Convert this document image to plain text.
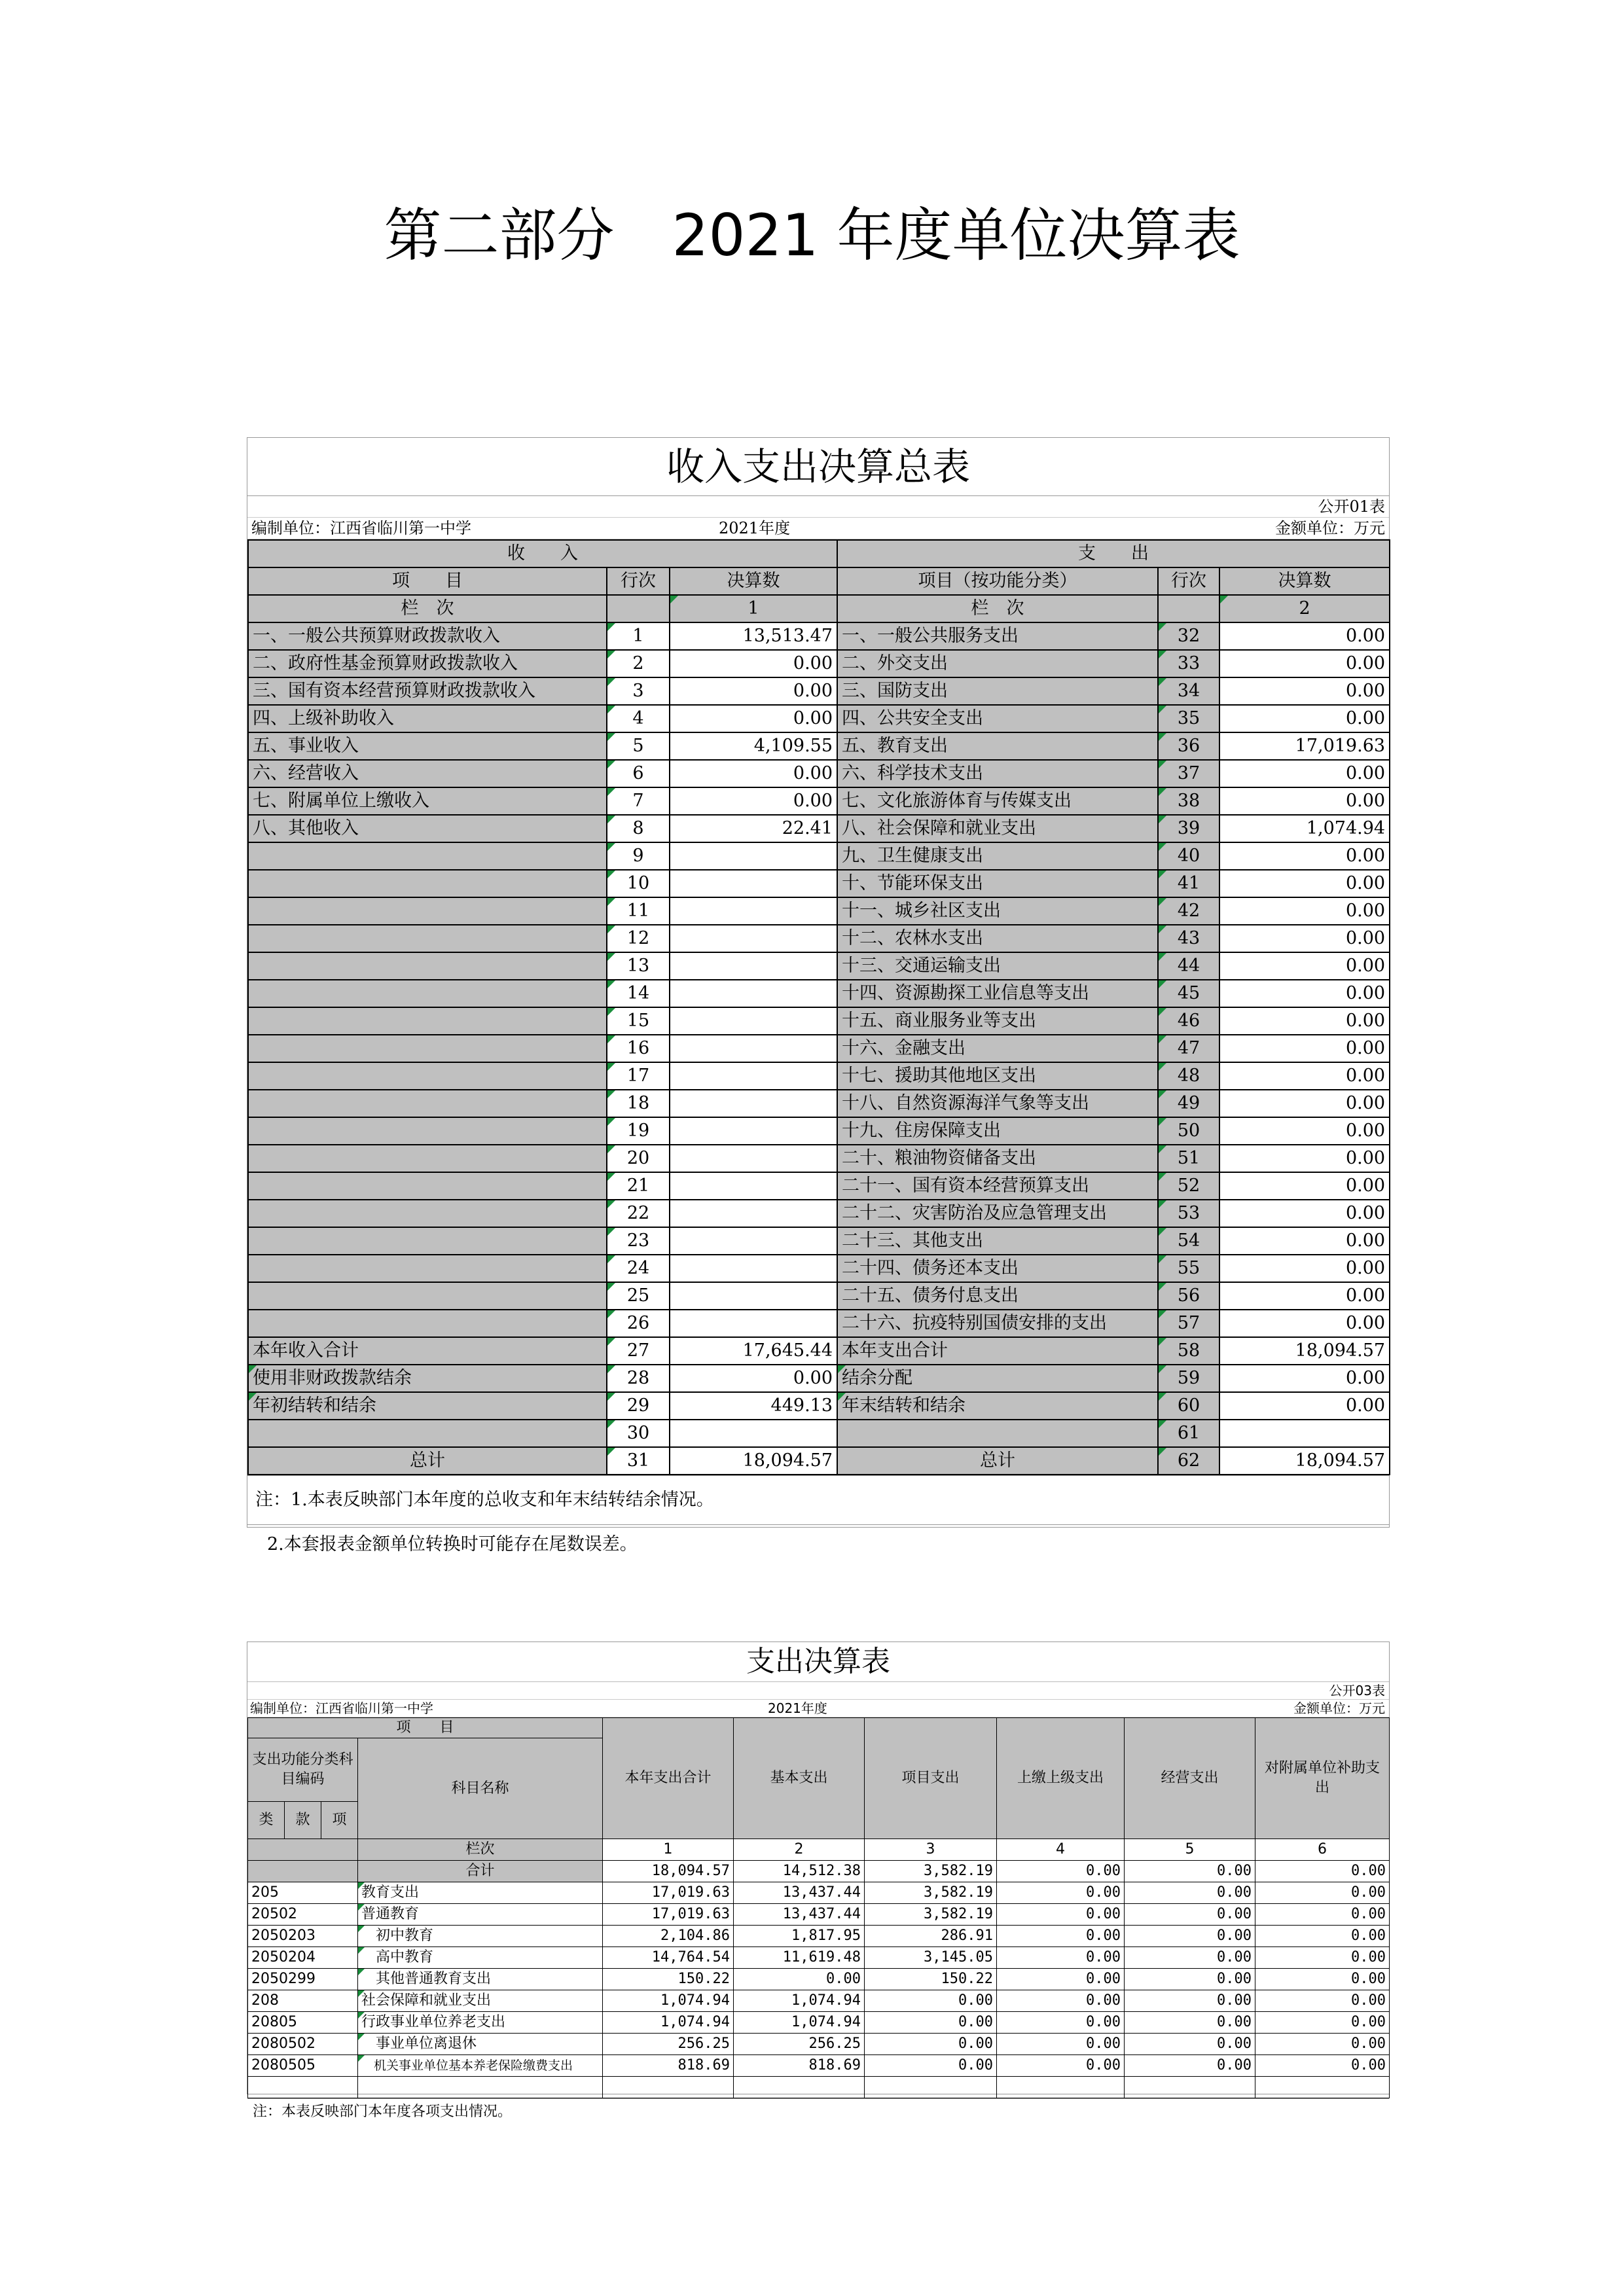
第二部分　2021 年度单位决算表
收入支出决算总表
公开01表
编制单位：江西省临川第一中学	2021年度	金额单位：万元
收　　入			支　　出		
项　　目	行次	决算数	项目（按功能分类）	行次	决算数
栏　次		1	栏　次		2
一、一般公共预算财政拨款收入	1	13,513.47	一、一般公共服务支出	32	0.00
二、政府性基金预算财政拨款收入	2	0.00	二、外交支出	33	0.00
三、国有资本经营预算财政拨款收入	3	0.00	三、国防支出	34	0.00
四、上级补助收入	4	0.00	四、公共安全支出	35	0.00
五、事业收入	5	4,109.55	五、教育支出	36	17,019.63
六、经营收入	6	0.00	六、科学技术支出	37	0.00
七、附属单位上缴收入	7	0.00	七、文化旅游体育与传媒支出	38	0.00
八、其他收入	8	22.41	八、社会保障和就业支出	39	1,074.94
	9		九、卫生健康支出	40	0.00
	10		十、节能环保支出	41	0.00
	11		十一、城乡社区支出	42	0.00
	12		十二、农林水支出	43	0.00
	13		十三、交通运输支出	44	0.00
	14		十四、资源勘探工业信息等支出	45	0.00
	15		十五、商业服务业等支出	46	0.00
	16		十六、金融支出	47	0.00
	17		十七、援助其他地区支出	48	0.00
	18		十八、自然资源海洋气象等支出	49	0.00
	19		十九、住房保障支出	50	0.00
	20		二十、粮油物资储备支出	51	0.00
	21		二十一、国有资本经营预算支出	52	0.00
	22		二十二、灾害防治及应急管理支出	53	0.00
	23		二十三、其他支出	54	0.00
	24		二十四、债务还本支出	55	0.00
	25		二十五、债务付息支出	56	0.00
	26		二十六、抗疫特别国债安排的支出	57	0.00
本年收入合计	27	17,645.44	本年支出合计	58	18,094.57
使用非财政拨款结余	28	0.00	结余分配	59	0.00
年初结转和结余	29	449.13	年末结转和结余	60	0.00
	30			61	
总计	31	18,094.57	总计	62	18,094.57
注：1.本表反映部门本年度的总收支和年末结转结余情况。
2.本套报表金额单位转换时可能存在尾数误差。
支出决算表
公开03表
编制单位：江西省临川第一中学	2021年度	金额单位：万元
项　　目				本年支出合计	基本支出	项目支出	上缴上级支出	经营支出	对附属单位补助支出
支出功能分类科目编码			科目名称						
类	款	项							
			栏次	1	2	3	4	5	6
			合计	18,094.57	14,512.38	3,582.19	0.00	0.00	0.00
205			教育支出	17,019.63	13,437.44	3,582.19	0.00	0.00	0.00
20502			普通教育	17,019.63	13,437.44	3,582.19	0.00	0.00	0.00
2050203			　初中教育	2,104.86	1,817.95	286.91	0.00	0.00	0.00
2050204			　高中教育	14,764.54	11,619.48	3,145.05	0.00	0.00	0.00
2050299			　其他普通教育支出	150.22	0.00	150.22	0.00	0.00	0.00
208			社会保障和就业支出	1,074.94	1,074.94	0.00	0.00	0.00	0.00
20805			行政事业单位养老支出	1,074.94	1,074.94	0.00	0.00	0.00	0.00
2080502			　事业单位离退休	256.25	256.25	0.00	0.00	0.00	0.00
2080505			　机关事业单位基本养老保险缴费支出	818.69	818.69	0.00	0.00	0.00	0.00

注：本表反映部门本年度各项支出情况。
